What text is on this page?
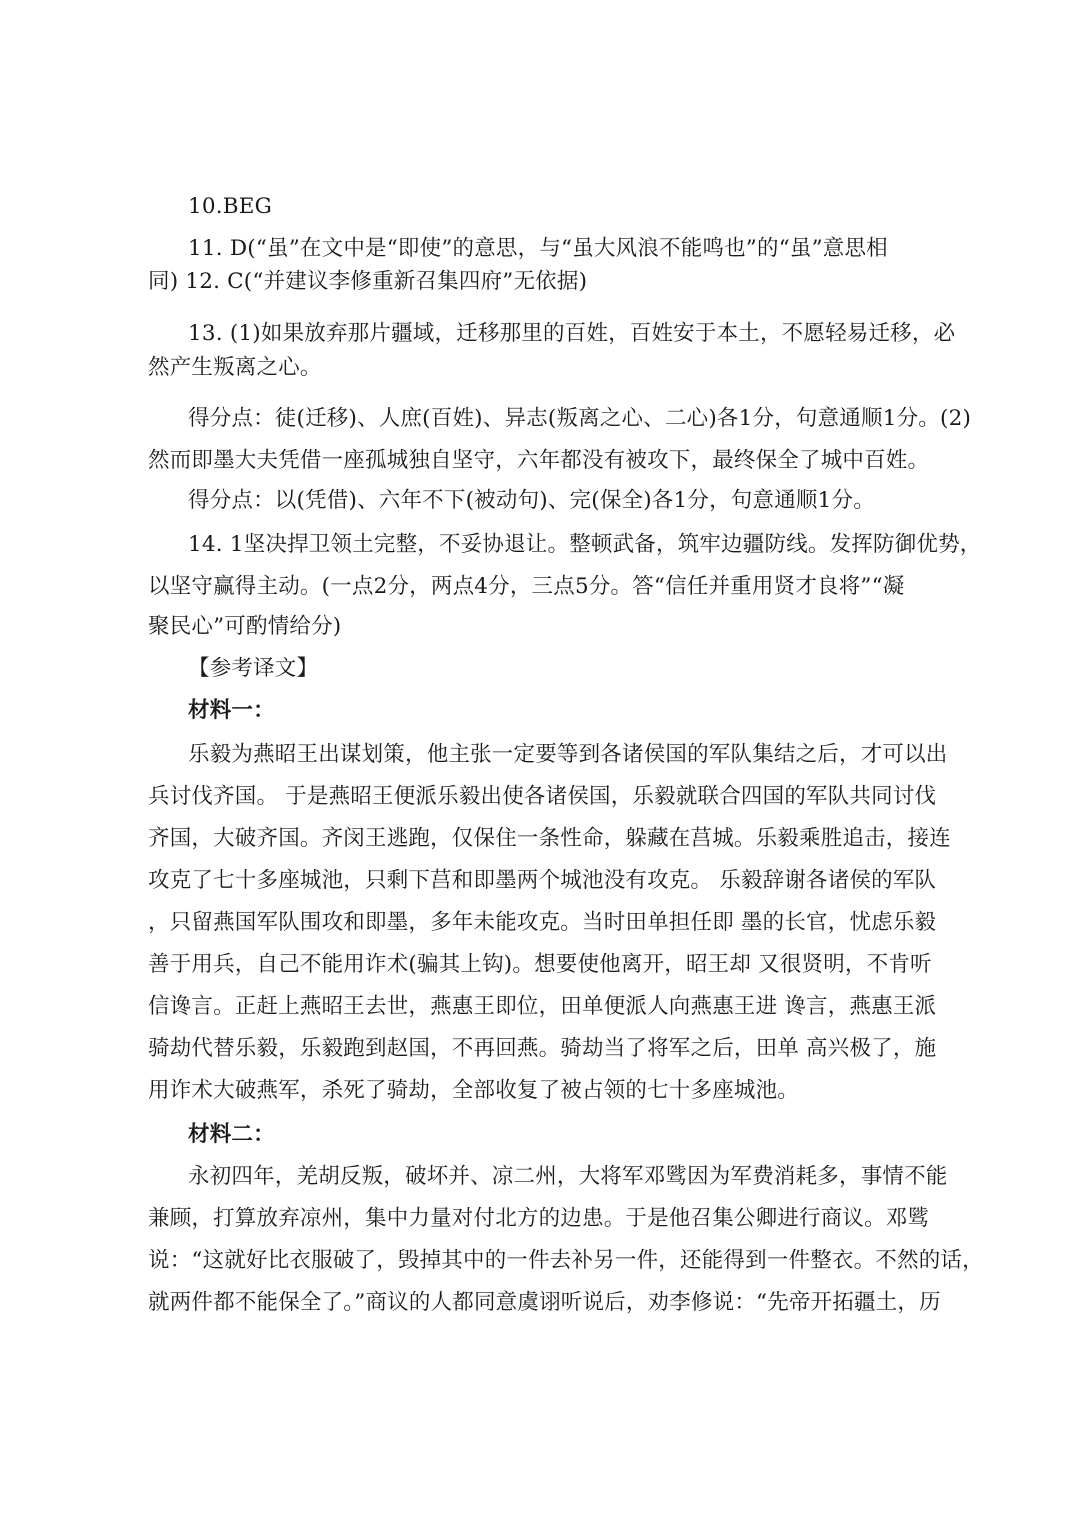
10.BEG
11. D(“虽”在文中是“即使”的意思，与“虽大风浪不能鸣也”的“虽”意思相
同) 12. C(“并建议李修重新召集四府”无依据)
13. (1)如果放弃那片疆域，迁移那里的百姓，百姓安于本土，不愿轻易迁移，必
然产生叛离之心。
得分点：徒(迁移)、人庶(百姓)、异志(叛离之心、二心)各1分，句意通顺1分。(2)
然而即墨大夫凭借一座孤城独自坚守，六年都没有被攻下，最终保全了城中百姓。
得分点：以(凭借)、六年不下(被动句)、完(保全)各1分，句意通顺1分。
14. 1坚决捍卫领土完整，不妥协退让。整顿武备，筑牢边疆防线。发挥防御优势，
以坚守赢得主动。(一点2分，两点4分，三点5分。答“信任并重用贤才良将”“凝
聚民心”可酌情给分)
【参考译文】
材料一：
乐毅为燕昭王出谋划策，他主张一定要等到各诸侯国的军队集结之后，才可以出
兵讨伐齐国。 于是燕昭王便派乐毅出使各诸侯国，乐毅就联合四国的军队共同讨伐
齐国，大破齐国。齐闵王逃跑，仅保住一条性命，躲藏在莒城。乐毅乘胜追击，接连
攻克了七十多座城池，只剩下莒和即墨两个城池没有攻克。 乐毅辞谢各诸侯的军队
，只留燕国军队围攻和即墨，多年未能攻克。当时田单担任即 墨的长官，忧虑乐毅
善于用兵，自己不能用诈术(骗其上钩)。想要使他离开，昭王却 又很贤明，不肯听
信谗言。正赶上燕昭王去世，燕惠王即位，田单便派人向燕惠王进 谗言，燕惠王派
骑劫代替乐毅，乐毅跑到赵国，不再回燕。骑劫当了将军之后，田单 高兴极了，施
用诈术大破燕军，杀死了骑劫，全部收复了被占领的七十多座城池。
材料二：
永初四年，羌胡反叛，破坏并、凉二州，大将军邓骘因为军费消耗多，事情不能
兼顾，打算放弃凉州，集中力量对付北方的边患。于是他召集公卿进行商议。邓骘
说：“这就好比衣服破了，毁掉其中的一件去补另一件，还能得到一件整衣。不然的话，
就两件都不能保全了。”商议的人都同意虞诩听说后，劝李修说：“先帝开拓疆土，历
